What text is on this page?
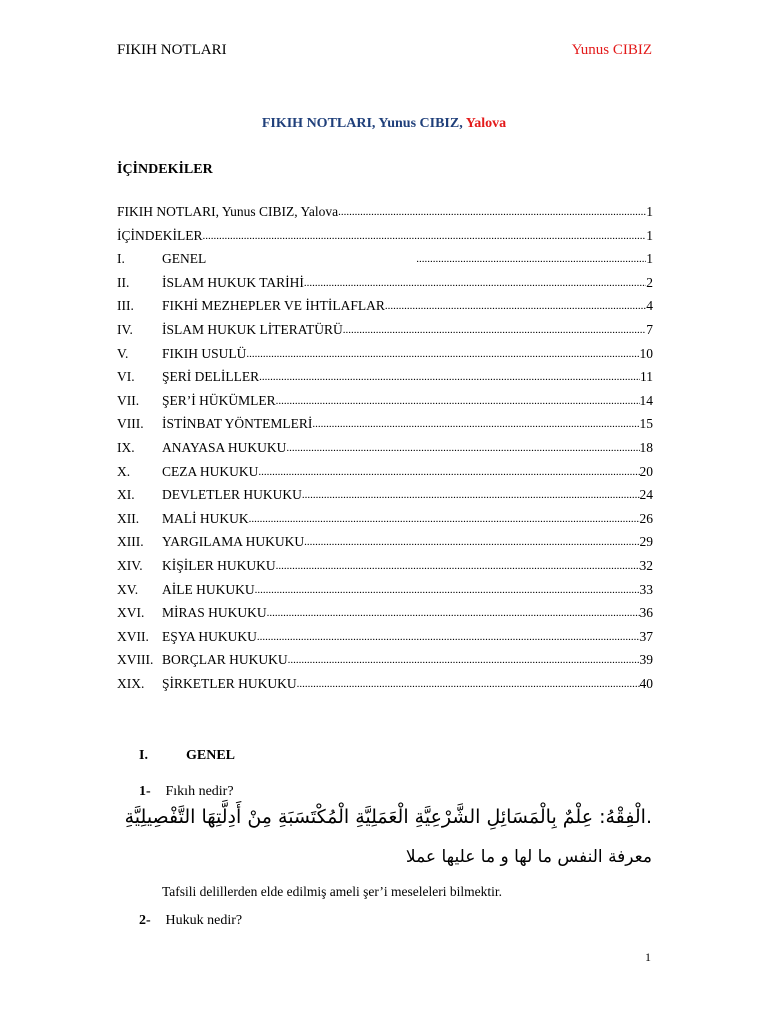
FIKIH NOTLARI	Yunus CIBIZ
FIKIH NOTLARI, Yunus CIBIZ, Yalova
İÇİNDEKİLER
FIKIH NOTLARI, Yunus CIBIZ, Yalova .....	1
İÇİNDEKİLER .....	1
I.	GENEL .....	1
II.	İSLAM HUKUK TARİHİ .....	2
III.	FIKHİ MEZHEPLER VE İHTİLAFLAR .....	4
IV.	İSLAM HUKUK LİTERATÜRÜ .....	7
V.	FIKIH USULÜ .....	10
VI.	ŞERİ DELİLLER .....	11
VII.	ŞER’İ HÜKÜMLER .....	14
VIII.	İSTİNBAT YÖNTEMLERİ .....	15
IX.	ANAYASA HUKUKU .....	18
X.	CEZA HUKUKU .....	20
XI.	DEVLETLER HUKUKU .....	24
XII.	MALİ HUKUK .....	26
XIII.	YARGILAMA HUKUKU .....	29
XIV.	KİŞİLER HUKUKU .....	32
XV.	AİLE HUKUKU .....	33
XVI.	MİRAS HUKUKU .....	36
XVII. EŞYA HUKUKU .....	37
XVIII. BORÇLAR HUKUKU .....	39
XIX.	ŞİRKETLER HUKUKU .....	40
I.	GENEL
1- Fıkıh nedir?
.الْفِقْهُ: عِلْمٌ بِالْمَسَائِلِ الشَّرْعِيَّةِ الْعَمَلِيَّةِ الْمُكْتَسَبَةِ مِنْ أَدِلَّتِهَا التَّفْصِيلِيَّةِ
معرفة النفس ما لها و ما عليها عملا
Tafsili delillerden elde edilmiş ameli şer’i meseleleri bilmektir.
2- Hukuk nedir?
1
